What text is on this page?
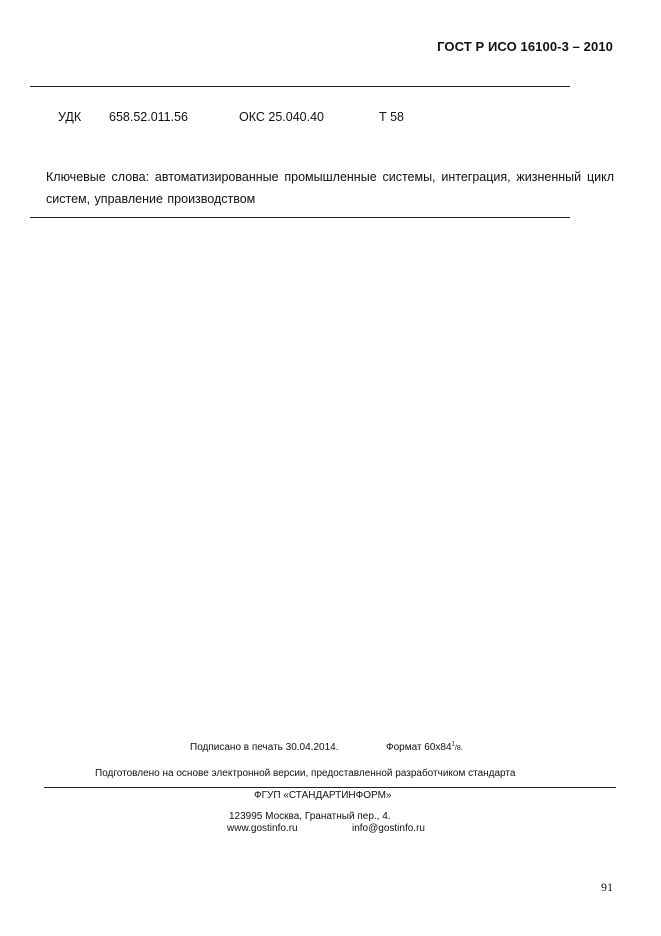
ГОСТ Р ИСО 16100-3 – 2010
УДК 658.52.011.56	ОКС 25.040.40	Т 58
Ключевые слова: автоматизированные промышленные системы, интеграция, жизненный цикл систем, управление производством
Подписано в печать 30.04.2014.	Формат $60x84^1/8$.
Подготовлено на основе электронной версии, предоставленной разработчиком стандарта
ФГУП «СТАНДАРТИНФОРМ»
123995 Москва, Гранатный пер., 4.
www.gostinfo.ru	info@gostinfo.ru
91
